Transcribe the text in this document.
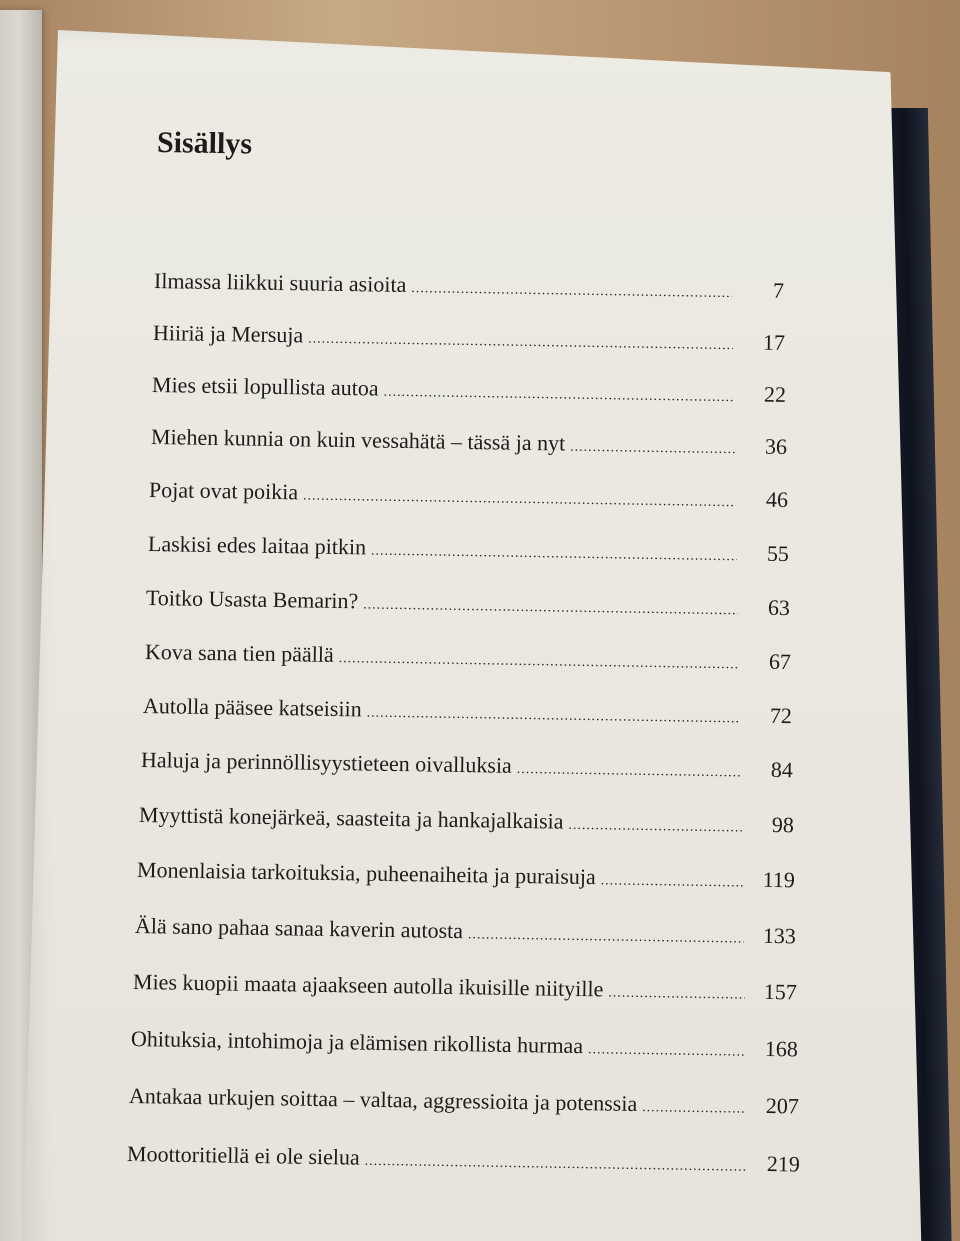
Sisällys
Ilmassa liikkui suuria asioita .....	7
Hiiriä ja Mersuja .....	17
Mies etsii lopullista autoa .....	22
Miehen kunnia on kuin vessahätä – tässä ja nyt .....	36
Pojat ovat poikia .....	46
Laskisi edes laitaa pitkin .....	55
Toitko Usasta Bemarin? .....	63
Kova sana tien päällä .....	67
Autolla pääsee katseisiin .....	72
Haluja ja perinnöllisyystieteen oivalluksia .....	84
Myyttistä konejärkeä, saasteita ja hankajalkaisia .....	98
Monenlaisia tarkoituksia, puheenaiheita ja puraisuja .....	119
Älä sano pahaa sanaa kaverin autosta .....	133
Mies kuopii maata ajaakseen autolla ikuisille niityille .....	157
Ohituksia, intohimoja ja elämisen rikollista hurmaa .....	168
Antakaa urkujen soittaa – valtaa, aggressioita ja potenssia .....	207
Moottoritiellä ei ole sielua .....	219
